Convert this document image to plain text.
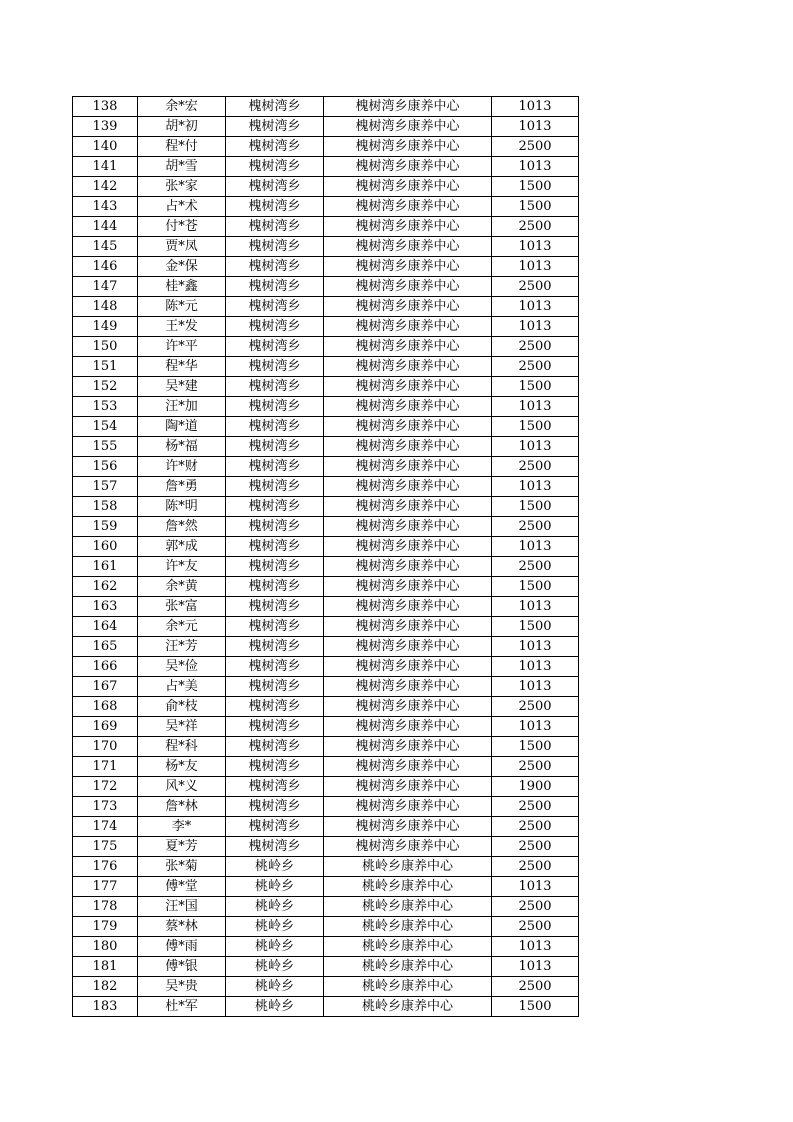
138	余*宏	槐树湾乡	槐树湾乡康养中心	1013
139	胡*初	槐树湾乡	槐树湾乡康养中心	1013
140	程*付	槐树湾乡	槐树湾乡康养中心	2500
141	胡*雪	槐树湾乡	槐树湾乡康养中心	1013
142	张*家	槐树湾乡	槐树湾乡康养中心	1500
143	占*术	槐树湾乡	槐树湾乡康养中心	1500
144	付*苍	槐树湾乡	槐树湾乡康养中心	2500
145	贾*凤	槐树湾乡	槐树湾乡康养中心	1013
146	金*保	槐树湾乡	槐树湾乡康养中心	1013
147	桂*鑫	槐树湾乡	槐树湾乡康养中心	2500
148	陈*元	槐树湾乡	槐树湾乡康养中心	1013
149	王*发	槐树湾乡	槐树湾乡康养中心	1013
150	许*平	槐树湾乡	槐树湾乡康养中心	2500
151	程*华	槐树湾乡	槐树湾乡康养中心	2500
152	吴*建	槐树湾乡	槐树湾乡康养中心	1500
153	汪*加	槐树湾乡	槐树湾乡康养中心	1013
154	陶*道	槐树湾乡	槐树湾乡康养中心	1500
155	杨*福	槐树湾乡	槐树湾乡康养中心	1013
156	许*财	槐树湾乡	槐树湾乡康养中心	2500
157	詹*勇	槐树湾乡	槐树湾乡康养中心	1013
158	陈*明	槐树湾乡	槐树湾乡康养中心	1500
159	詹*然	槐树湾乡	槐树湾乡康养中心	2500
160	郭*成	槐树湾乡	槐树湾乡康养中心	1013
161	许*友	槐树湾乡	槐树湾乡康养中心	2500
162	余*黄	槐树湾乡	槐树湾乡康养中心	1500
163	张*富	槐树湾乡	槐树湾乡康养中心	1013
164	余*元	槐树湾乡	槐树湾乡康养中心	1500
165	汪*芳	槐树湾乡	槐树湾乡康养中心	1013
166	吴*俭	槐树湾乡	槐树湾乡康养中心	1013
167	占*美	槐树湾乡	槐树湾乡康养中心	1013
168	俞*枝	槐树湾乡	槐树湾乡康养中心	2500
169	吴*祥	槐树湾乡	槐树湾乡康养中心	1013
170	程*科	槐树湾乡	槐树湾乡康养中心	1500
171	杨*友	槐树湾乡	槐树湾乡康养中心	2500
172	风*义	槐树湾乡	槐树湾乡康养中心	1900
173	詹*林	槐树湾乡	槐树湾乡康养中心	2500
174	李*	槐树湾乡	槐树湾乡康养中心	2500
175	夏*芳	槐树湾乡	槐树湾乡康养中心	2500
176	张*菊	桃岭乡	桃岭乡康养中心	2500
177	傅*堂	桃岭乡	桃岭乡康养中心	1013
178	汪*国	桃岭乡	桃岭乡康养中心	2500
179	蔡*林	桃岭乡	桃岭乡康养中心	2500
180	傅*雨	桃岭乡	桃岭乡康养中心	1013
181	傅*银	桃岭乡	桃岭乡康养中心	1013
182	吴*贵	桃岭乡	桃岭乡康养中心	2500
183	杜*军	桃岭乡	桃岭乡康养中心	1500
